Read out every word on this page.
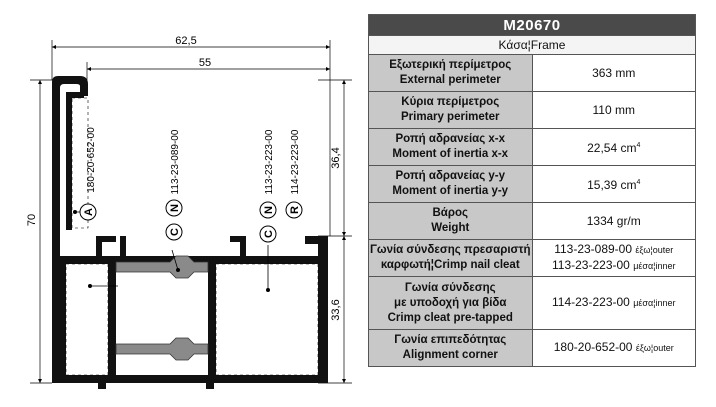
62,5
55
70
36,4
33,6
A
N
C
N
C
R
180-20-652-00	113-23-089-00	113-23-223-00 114-23-223-00
M20670	
Κάσα¦Frame	

Εξωτερική περίμετρος
External perimeter	363 mm

Κύρια περίμετρος
Primary perimeter	110 mm

Ροπή αδρανείας x-x
Moment of inertia x-x	22,54 $cm^4$

Ροπή αδρανείας y-y
Moment of inertia y-y	15,39 $cm^4$

Βάρος
Weight	1334 gr/m

Γωνία σύνδεσης πρεσαριστή
καρφωτή¦Crimp nail cleat	113-23-089-00 έξω¦outer
113-23-223-00 μέσα¦inner

Γωνία σύνδεσης
με υποδοχή για βίδα
Crimp cleat pre-tapped	114-23-223-00 μέσα¦inner

Γωνία επιπεδότητας
Alignment corner	180-20-652-00 έξω¦outer
